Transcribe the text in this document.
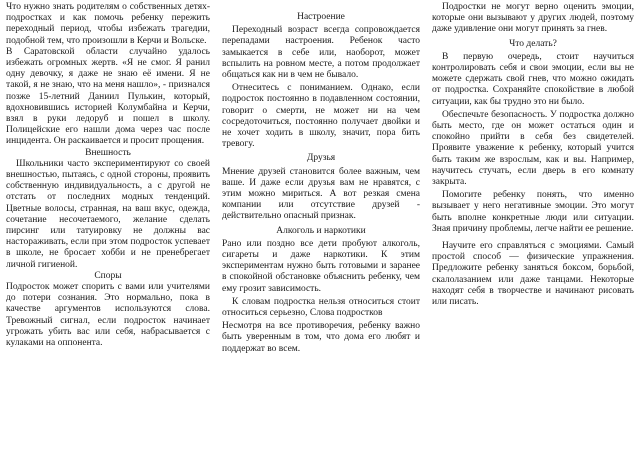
Что нужно знать родителям о собственных детях-подростках и как помочь ребенку пережить переходный период, чтобы избежать трагедии, подобной тем, что произошли в Керчи и Вольске.

В Саратовской области случайно удалось избежать огромных жертв. «Я не смог. Я ранил одну девочку, я даже не знаю её имени. Я не такой, я не знаю, что на меня нашло», - признался позже 15-летний Даниил Пулькин, который, вдохновившись историей Колумбайна и Керчи, взял в руки ледоруб и пошел в школу. Полицейские его нашли дома через час после инцидента. Он раскаивается и просит прощения.

Внешность

Школьники часто экспериментируют со своей внешностью, пытаясь, с одной стороны, проявить собственную индивидуальность, а с другой не отстать от последних модных тенденций. Цветные волосы, странная, на ваш вкус, одежда, сочетание несочетаемого, желание сделать пирсинг или татуировку не должны вас настораживать, если при этом подросток успевает в школе, не бросает хобби и не пренебрегает личной гигиеной.

Споры

Подросток может спорить с вами или учителями до потери сознания. Это нормально, пока в качестве аргументов используются слова. Тревожный сигнал, если подросток начинает угрожать убить вас или себя, набрасывается с кулаками на оппонента.

Настроение

Переходный возраст всегда сопровождается перепадами настроения. Ребенок часто замыкается в себе или, наоборот, может вспылить на ровном месте, а потом продолжает общаться как ни в чем не бывало.

Отнеситесь с пониманием. Однако, если подросток постоянно в подавленном состоянии, говорит о смерти, не может ни на чем сосредоточиться, постоянно получает двойки и не хочет ходить в школу, значит, пора бить тревогу.

Друзья

Мнение друзей становится более важным, чем ваше. И даже если друзья вам не нравятся, с этим можно мириться. А вот резкая смена компании или отсутствие друзей - действительно опасный признак.

Алкоголь и наркотики

Рано или поздно все дети пробуют алкоголь, сигареты и даже наркотики. К этим экспериментам нужно быть готовыми и заранее в спокойной обстановке объяснить ребенку, чем ему грозит зависимость.

К словам подростка нельзя относиться стоит относиться серьезно, Слова подростков

Несмотря на все противоречия, ребенку важно быть уверенным в том, что дома его любят и поддержат во всем.

Подростки не могут верно оценить эмоции, которые они вызывают у других людей, поэтому даже удивление они могут принять за гнев.

Что делать?

В первую очередь, стоит научиться контролировать себя и свои эмоции, если вы не можете сдержать свой гнев, что можно ожидать от подростка. Сохраняйте спокойствие в любой ситуации, как бы трудно это ни было.

Обеспечьте безопасность. У подростка должно быть место, где он может остаться один и спокойно прийти в себя без свидетелей. Проявите уважение к ребенку, который учится быть таким же взрослым, как и вы. Например, научитесь стучать, если дверь в его комнату закрыта.

Помогите ребенку понять, что именно вызывает у него негативные эмоции. Это могут быть вполне конкретные люди или ситуации. Зная причину проблемы, легче найти ее решение.

Научите его справляться с эмоциями. Самый простой способ — физические упражнения. Предложите ребенку заняться боксом, борьбой, скалолазанием или даже танцами. Некоторые находят себя в творчестве и начинают рисовать или писать.
